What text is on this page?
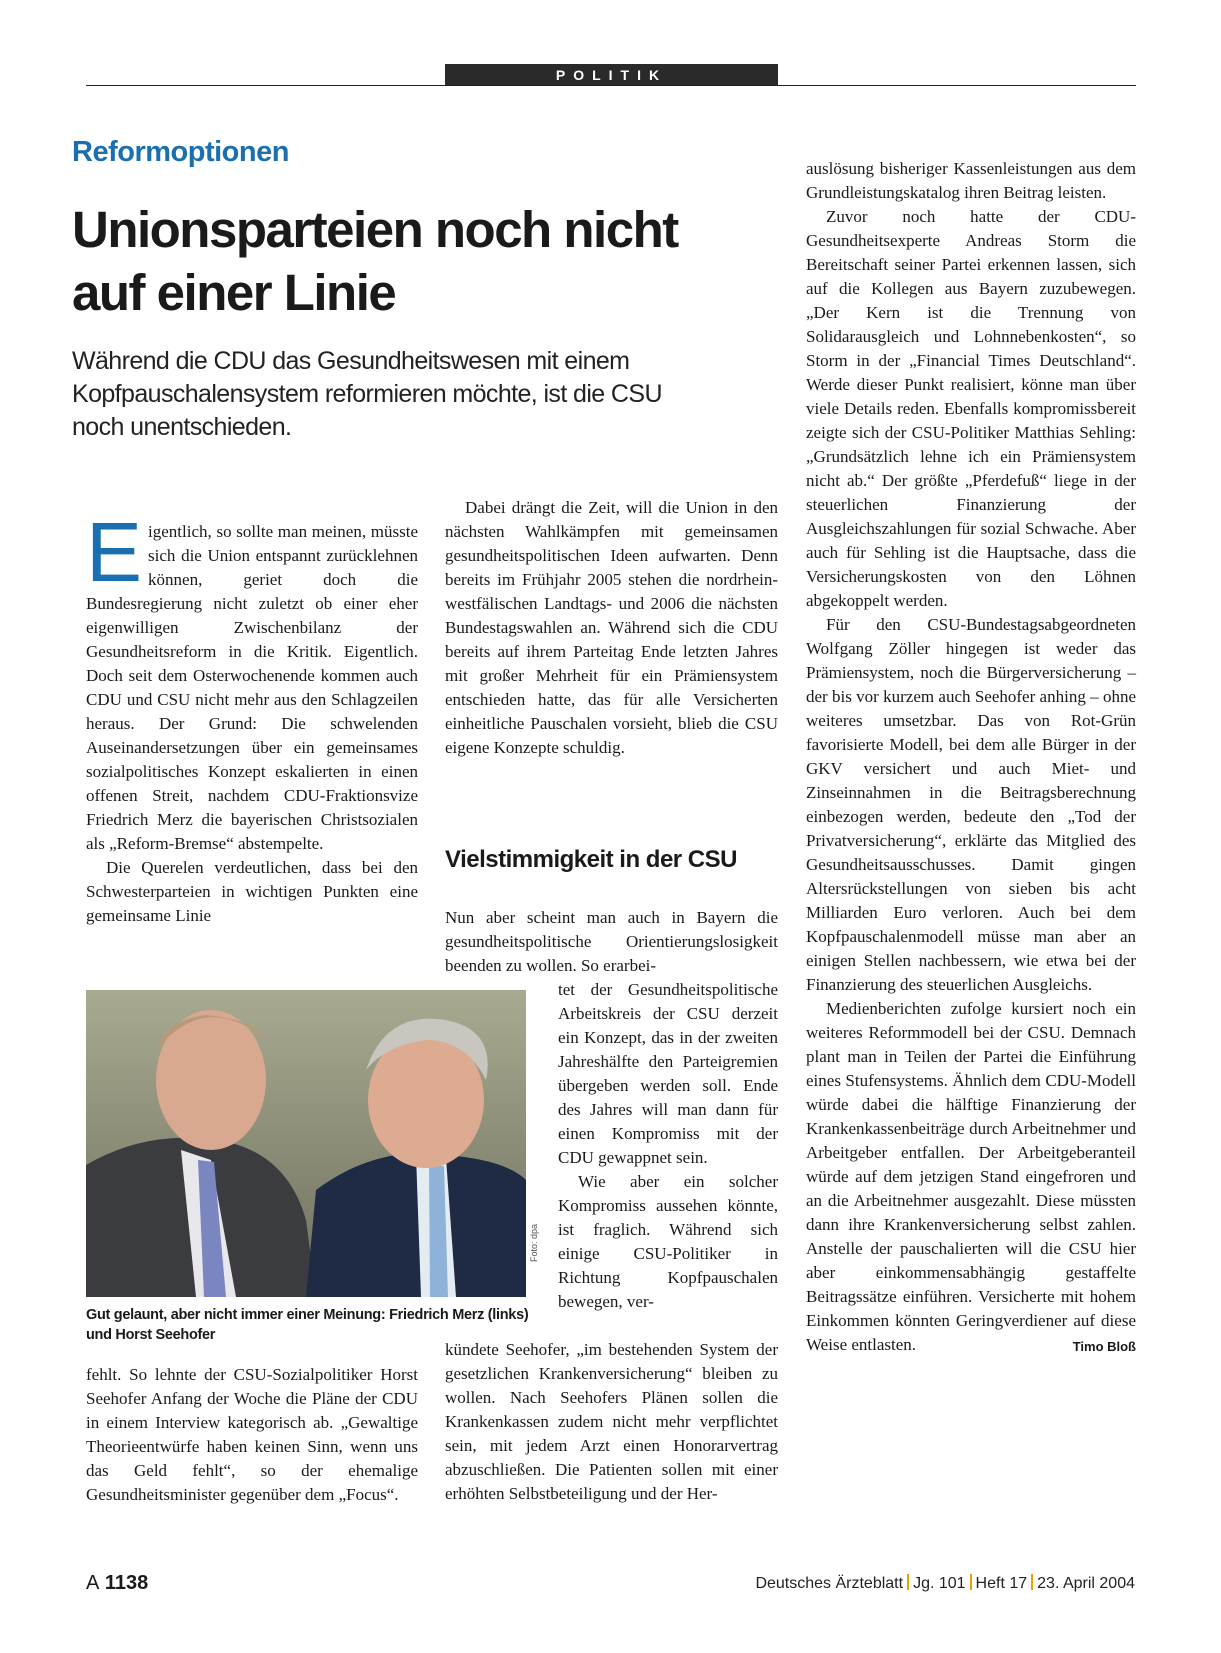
POLITIK
Reformoptionen
Unionsparteien noch nicht auf einer Linie
Während die CDU das Gesundheitswesen mit einem Kopfpauschalensystem reformieren möchte, ist die CSU noch unentschieden.

Eigentlich, so sollte man meinen, müsste sich die Union entspannt zurücklehnen können, geriet doch die Bundesregierung nicht zuletzt ob einer eher eigenwilligen Zwischenbilanz der Gesundheitsreform in die Kritik. Eigentlich. Doch seit dem Osterwochenende kommen auch CDU und CSU nicht mehr aus den Schlagzeilen heraus. Der Grund: Die schwelenden Auseinandersetzungen über ein gemeinsames sozialpolitisches Konzept eskalierten in einen offenen Streit, nachdem CDU-Fraktionsvize Friedrich Merz die bayerischen Christsozialen als „Reform-Bremse“ abstempelte.

Die Querelen verdeutlichen, dass bei den Schwesterparteien in wichtigen Punkten eine gemeinsame Linie

Foto: dpa
Gut gelaunt, aber nicht immer einer Meinung: Friedrich Merz (links) und Horst Seehofer

fehlt. So lehnte der CSU-Sozialpolitiker Horst Seehofer Anfang der Woche die Pläne der CDU in einem Interview kategorisch ab. „Gewaltige Theorieentwürfe haben keinen Sinn, wenn uns das Geld fehlt“, so der ehemalige Gesundheitsminister gegenüber dem „Focus“.

Dabei drängt die Zeit, will die Union in den nächsten Wahlkämpfen mit gemeinsamen gesundheitspolitischen Ideen aufwarten. Denn bereits im Frühjahr 2005 stehen die nordrhein-westfälischen Landtags- und 2006 die nächsten Bundestagswahlen an. Während sich die CDU bereits auf ihrem Parteitag Ende letzten Jahres mit großer Mehrheit für ein Prämiensystem entschieden hatte, das für alle Versicherten einheitliche Pauschalen vorsieht, blieb die CSU eigene Konzepte schuldig.

Vielstimmigkeit in der CSU

Nun aber scheint man auch in Bayern die gesundheitspolitische Orientierungslosigkeit beenden zu wollen. So erarbei-

tet der Gesundheitspolitische Arbeitskreis der CSU derzeit ein Konzept, das in der zweiten Jahreshälfte den Parteigremien übergeben werden soll. Ende des Jahres will man dann für einen Kompromiss mit der CDU gewappnet sein.

Wie aber ein solcher Kompromiss aussehen könnte, ist fraglich. Während sich einige CSU-Politiker in Richtung Kopfpauschalen bewegen, ver-

kündete Seehofer, „im bestehenden System der gesetzlichen Krankenversicherung“ bleiben zu wollen. Nach Seehofers Plänen sollen die Krankenkassen zudem nicht mehr verpflichtet sein, mit jedem Arzt einen Honorarvertrag abzuschließen. Die Patienten sollen mit einer erhöhten Selbstbeteiligung und der Her-

auslösung bisheriger Kassenleistungen aus dem Grundleistungskatalog ihren Beitrag leisten.

Zuvor noch hatte der CDU-Gesundheitsexperte Andreas Storm die Bereitschaft seiner Partei erkennen lassen, sich auf die Kollegen aus Bayern zuzubewegen. „Der Kern ist die Trennung von Solidarausgleich und Lohnnebenkosten“, so Storm in der „Financial Times Deutschland“. Werde dieser Punkt realisiert, könne man über viele Details reden. Ebenfalls kompromissbereit zeigte sich der CSU-Politiker Matthias Sehling: „Grundsätzlich lehne ich ein Prämiensystem nicht ab.“ Der größte „Pferdefuß“ liege in der steuerlichen Finanzierung der Ausgleichszahlungen für sozial Schwache. Aber auch für Sehling ist die Hauptsache, dass die Versicherungskosten von den Löhnen abgekoppelt werden.

Für den CSU-Bundestagsabgeordneten Wolfgang Zöller hingegen ist weder das Prämiensystem, noch die Bürgerversicherung – der bis vor kurzem auch Seehofer anhing – ohne weiteres umsetzbar. Das von Rot-Grün favorisierte Modell, bei dem alle Bürger in der GKV versichert und auch Miet- und Zinseinnahmen in die Beitragsberechnung einbezogen werden, bedeute den „Tod der Privatversicherung“, erklärte das Mitglied des Gesundheitsausschusses. Damit gingen Altersrückstellungen von sieben bis acht Milliarden Euro verloren. Auch bei dem Kopfpauschalenmodell müsse man aber an einigen Stellen nachbessern, wie etwa bei der Finanzierung des steuerlichen Ausgleichs.

Medienberichten zufolge kursiert noch ein weiteres Reformmodell bei der CSU. Demnach plant man in Teilen der Partei die Einführung eines Stufensystems. Ähnlich dem CDU-Modell würde dabei die hälftige Finanzierung der Krankenkassenbeiträge durch Arbeitnehmer und Arbeitgeber entfallen. Der Arbeitgeberanteil würde auf dem jetzigen Stand eingefroren und an die Arbeitnehmer ausgezahlt. Diese müssten dann ihre Krankenversicherung selbst zahlen. Anstelle der pauschalierten will die CSU hier aber einkommensabhängig gestaffelte Beitragssätze einführen. Versicherte mit hohem Einkommen könnten Geringverdiener auf diese Weise entlasten.	Timo Bloß

A 1138	Deutsches Ärzteblatt Jg. 101 Heft 17 23. April 2004
